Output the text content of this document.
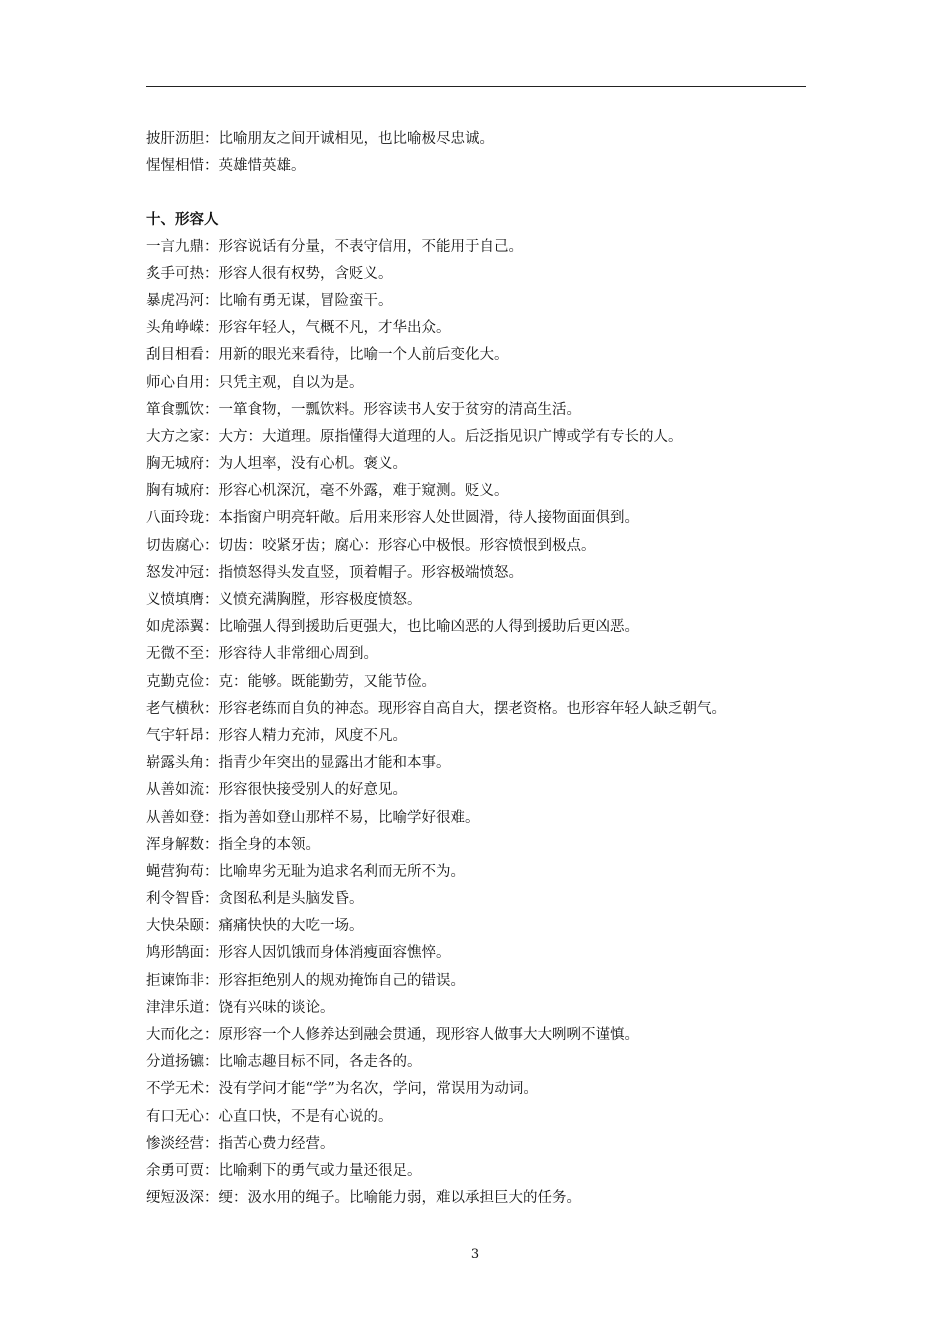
披肝沥胆：比喻朋友之间开诚相见，也比喻极尽忠诚。
惺惺相惜：英雄惜英雄。
十、形容人
一言九鼎：形容说话有分量，不表守信用，不能用于自己。
炙手可热：形容人很有权势，含贬义。
暴虎冯河：比喻有勇无谋，冒险蛮干。
头角峥嵘：形容年轻人，气概不凡，才华出众。
刮目相看：用新的眼光来看待，比喻一个人前后变化大。
师心自用：只凭主观，自以为是。
箪食瓢饮：一箪食物，一瓢饮料。形容读书人安于贫穷的清高生活。
大方之家：大方：大道理。原指懂得大道理的人。后泛指见识广博或学有专长的人。
胸无城府：为人坦率，没有心机。褒义。
胸有城府：形容心机深沉，毫不外露，难于窥测。贬义。
八面玲珑：本指窗户明亮轩敞。后用来形容人处世圆滑，待人接物面面俱到。
切齿腐心：切齿：咬紧牙齿；腐心：形容心中极恨。形容愤恨到极点。
怒发冲冠：指愤怒得头发直竖，顶着帽子。形容极端愤怒。
义愤填膺：义愤充满胸膛，形容极度愤怒。
如虎添翼：比喻强人得到援助后更强大，也比喻凶恶的人得到援助后更凶恶。
无微不至：形容待人非常细心周到。
克勤克俭：克：能够。既能勤劳，又能节俭。
老气横秋：形容老练而自负的神态。现形容自高自大，摆老资格。也形容年轻人缺乏朝气。
气宇轩昂：形容人精力充沛，风度不凡。
崭露头角：指青少年突出的显露出才能和本事。
从善如流：形容很快接受别人的好意见。
从善如登：指为善如登山那样不易，比喻学好很难。
浑身解数：指全身的本领。
蝇营狗苟：比喻卑劣无耻为追求名利而无所不为。
利令智昏：贪图私利是头脑发昏。
大快朵颐：痛痛快快的大吃一场。
鸠形鹄面：形容人因饥饿而身体消瘦面容憔悴。
拒谏饰非：形容拒绝别人的规劝掩饰自己的错误。
津津乐道：饶有兴味的谈论。
大而化之：原形容一个人修养达到融会贯通，现形容人做事大大咧咧不谨慎。
分道扬镳：比喻志趣目标不同，各走各的。
不学无术：没有学问才能“学”为名次，学问，常误用为动词。
有口无心：心直口快，不是有心说的。
惨淡经营：指苦心费力经营。
余勇可贾：比喻剩下的勇气或力量还很足。
绠短汲深：绠：汲水用的绳子。比喻能力弱，难以承担巨大的任务。
3
